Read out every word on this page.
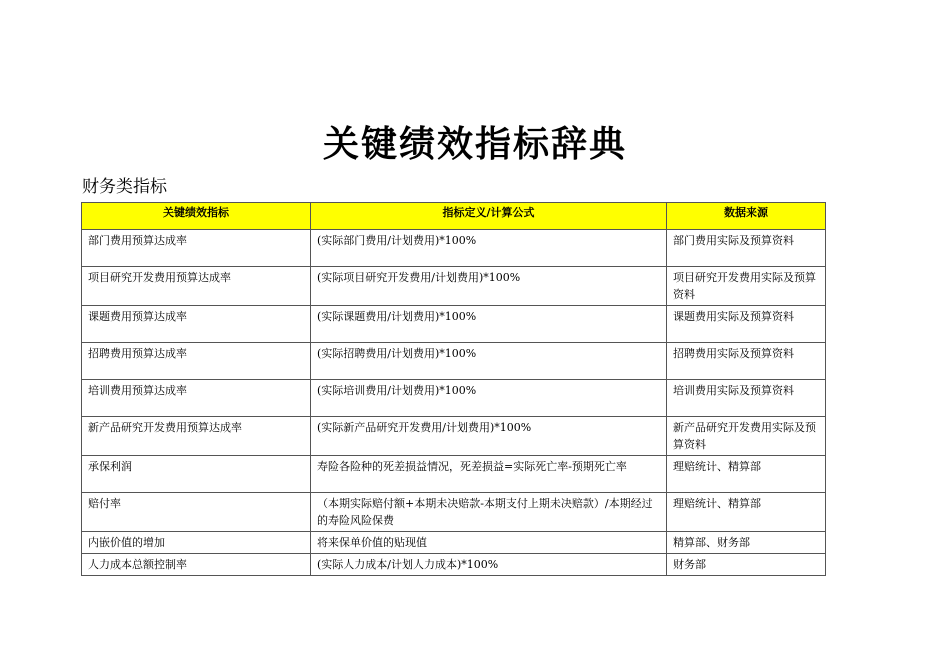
关键绩效指标辞典
财务类指标
关键绩效指标	指标定义/计算公式	数据来源
部门费用预算达成率	(实际部门费用/计划费用)*100%	部门费用实际及预算资料
项目研究开发费用预算达成率	(实际项目研究开发费用/计划费用)*100%	项目研究开发费用实际及预算资料
课题费用预算达成率	(实际课题费用/计划费用)*100%	课题费用实际及预算资料
招聘费用预算达成率	(实际招聘费用/计划费用)*100%	招聘费用实际及预算资料
培训费用预算达成率	(实际培训费用/计划费用)*100%	培训费用实际及预算资料
新产品研究开发费用预算达成率	(实际新产品研究开发费用/计划费用)*100%	新产品研究开发费用实际及预算资料
承保利润	寿险各险种的死差损益情况，死差损益=实际死亡率-预期死亡率	理赔统计、精算部
赔付率	（本期实际赔付额+本期未决赔款-本期支付上期未决赔款）/本期经过的寿险风险保费	理赔统计、精算部
内嵌价值的增加	将来保单价值的贴现值	精算部、财务部
人力成本总额控制率	(实际人力成本/计划人力成本)*100%	财务部
